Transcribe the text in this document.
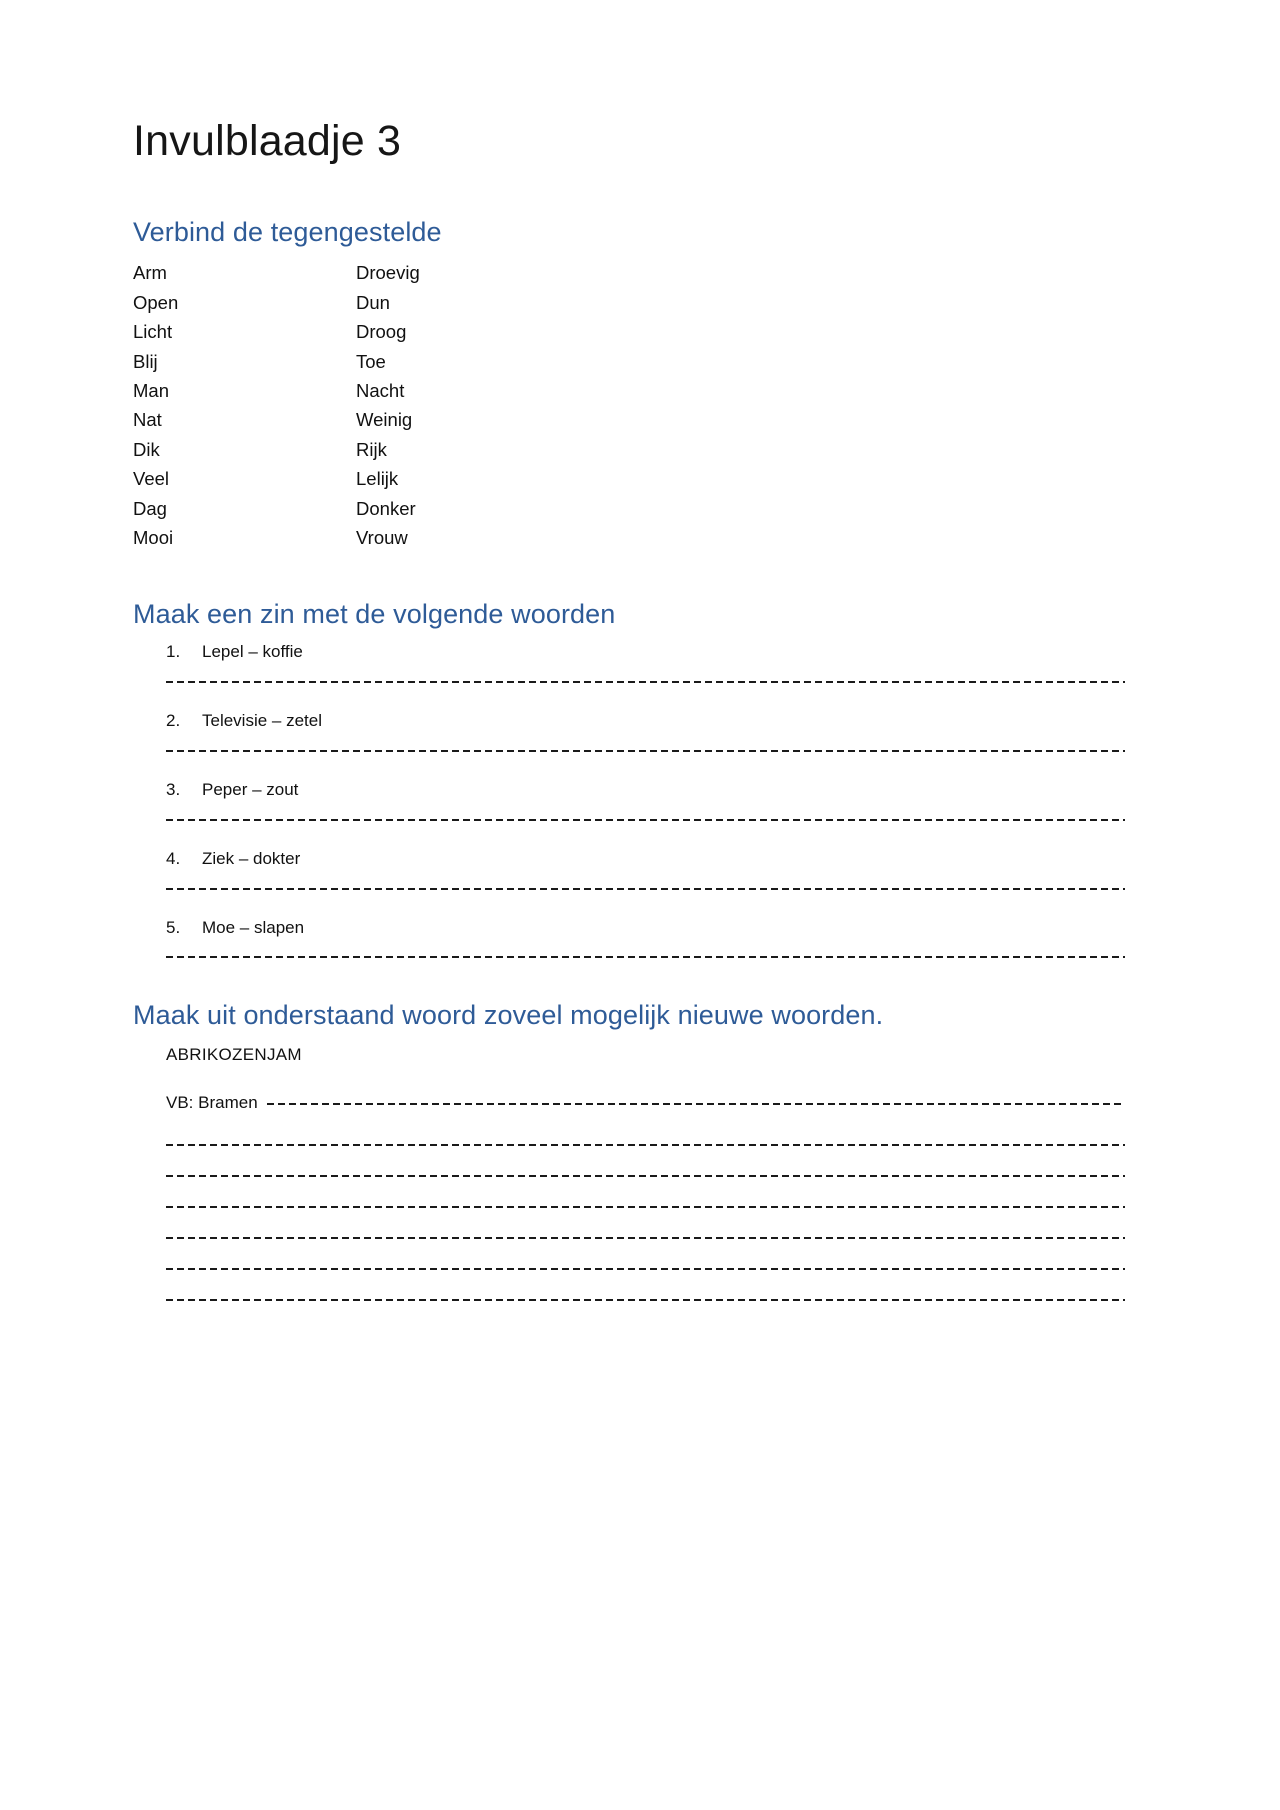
Invulblaadje 3
Verbind de tegengestelde
Arm	Droevig
Open	Dun
Licht	Droog
Blij	Toe
Man	Nacht
Nat	Weinig
Dik	Rijk
Veel	Lelijk
Dag	Donker
Mooi	Vrouw
Maak een zin met de volgende woorden
1.	Lepel – koffie
2.	Televisie – zetel
3.	Peper – zout
4.	Ziek – dokter
5.	Moe – slapen
Maak uit onderstaand woord zoveel mogelijk nieuwe woorden.
ABRIKOZENJAM
VB: Bramen
